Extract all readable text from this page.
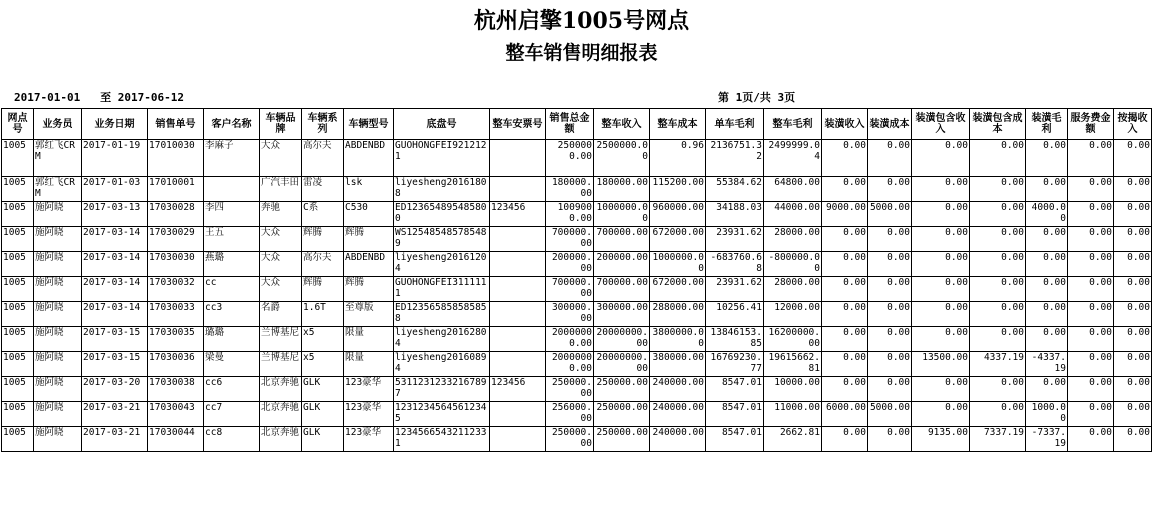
杭州启擎1005号网点
整车销售明细报表
2017-01-01 至 2017-06-12	第 1页/共 3页
网点号	业务员	业务日期	销售单号	客户名称	车辆品牌	车辆系列	车辆型号	底盘号	整车安票号	销售总金额	整车收入	整车成本	单车毛利	整车毛利	装潢收入	装潢成本	装潢包含收入	装潢包含成本	装潢毛利	服务费金额	按揭收入
1005	郭红飞CRM	2017-01-19	17010030	李麻子	大众	高尔夫	ABDENBD	GUOHONGFEI9212121		2500000.00	2500000.00	0.96	2136751.32	2499999.04	0.00	0.00	0.00	0.00	0.00	0.00	0.00
1005	郭红飞CRM	2017-01-03	17010001		广汽丰田	雷凌	lsk	liyesheng20161808		180000.00	180000.00	115200.00	55384.62	64800.00	0.00	0.00	0.00	0.00	0.00	0.00	0.00
1005	施阿晓	2017-03-13	17030028	李四	奔驰	C系	C530	ED123654895485800	123456	1009000.00	1000000.00	960000.00	34188.03	44000.00	9000.00	5000.00	0.00	0.00	4000.00	0.00	0.00
1005	施阿晓	2017-03-14	17030029	王五	大众	辉腾	辉腾	WS125485485785489		700000.00	700000.00	672000.00	23931.62	28000.00	0.00	0.00	0.00	0.00	0.00	0.00	0.00
1005	施阿晓	2017-03-14	17030030	燕璐	大众	高尔夫	ABDENBD	liyesheng20161204		200000.00	200000.00	1000000.00	-683760.68	-800000.00	0.00	0.00	0.00	0.00	0.00	0.00	0.00
1005	施阿晓	2017-03-14	17030032	cc	大众	辉腾	辉腾	GUOHONGFEI3111111		700000.00	700000.00	672000.00	23931.62	28000.00	0.00	0.00	0.00	0.00	0.00	0.00	0.00
1005	施阿晓	2017-03-14	17030033	cc3	名爵	1.6T	至尊版	ED123565858585858		300000.00	300000.00	288000.00	10256.41	12000.00	0.00	0.00	0.00	0.00	0.00	0.00	0.00
1005	施阿晓	2017-03-15	17030035	璐璐	兰博基尼	x5	限量	liyesheng20162804		20000000.00	20000000.00	3800000.00	13846153.85	16200000.00	0.00	0.00	0.00	0.00	0.00	0.00	0.00
1005	施阿晓	2017-03-15	17030036	梁曼	兰博基尼	x5	限量	liyesheng20160894		20000000.00	20000000.00	380000.00	16769230.77	19615662.81	0.00	0.00	13500.00	4337.19	-4337.19	0.00	0.00
1005	施阿晓	2017-03-20	17030038	cc6	北京奔驰	GLK	123豪华	53112312332167897	123456	250000.00	250000.00	240000.00	8547.01	10000.00	0.00	0.00	0.00	0.00	0.00	0.00	0.00
1005	施阿晓	2017-03-21	17030043	cc7	北京奔驰	GLK	123豪华	12312345645612345		256000.00	250000.00	240000.00	8547.01	11000.00	6000.00	5000.00	0.00	0.00	1000.00	0.00	0.00
1005	施阿晓	2017-03-21	17030044	cc8	北京奔驰	GLK	123豪华	12345665432112331		250000.00	250000.00	240000.00	8547.01	2662.81	0.00	0.00	9135.00	7337.19	-7337.19	0.00	0.00
